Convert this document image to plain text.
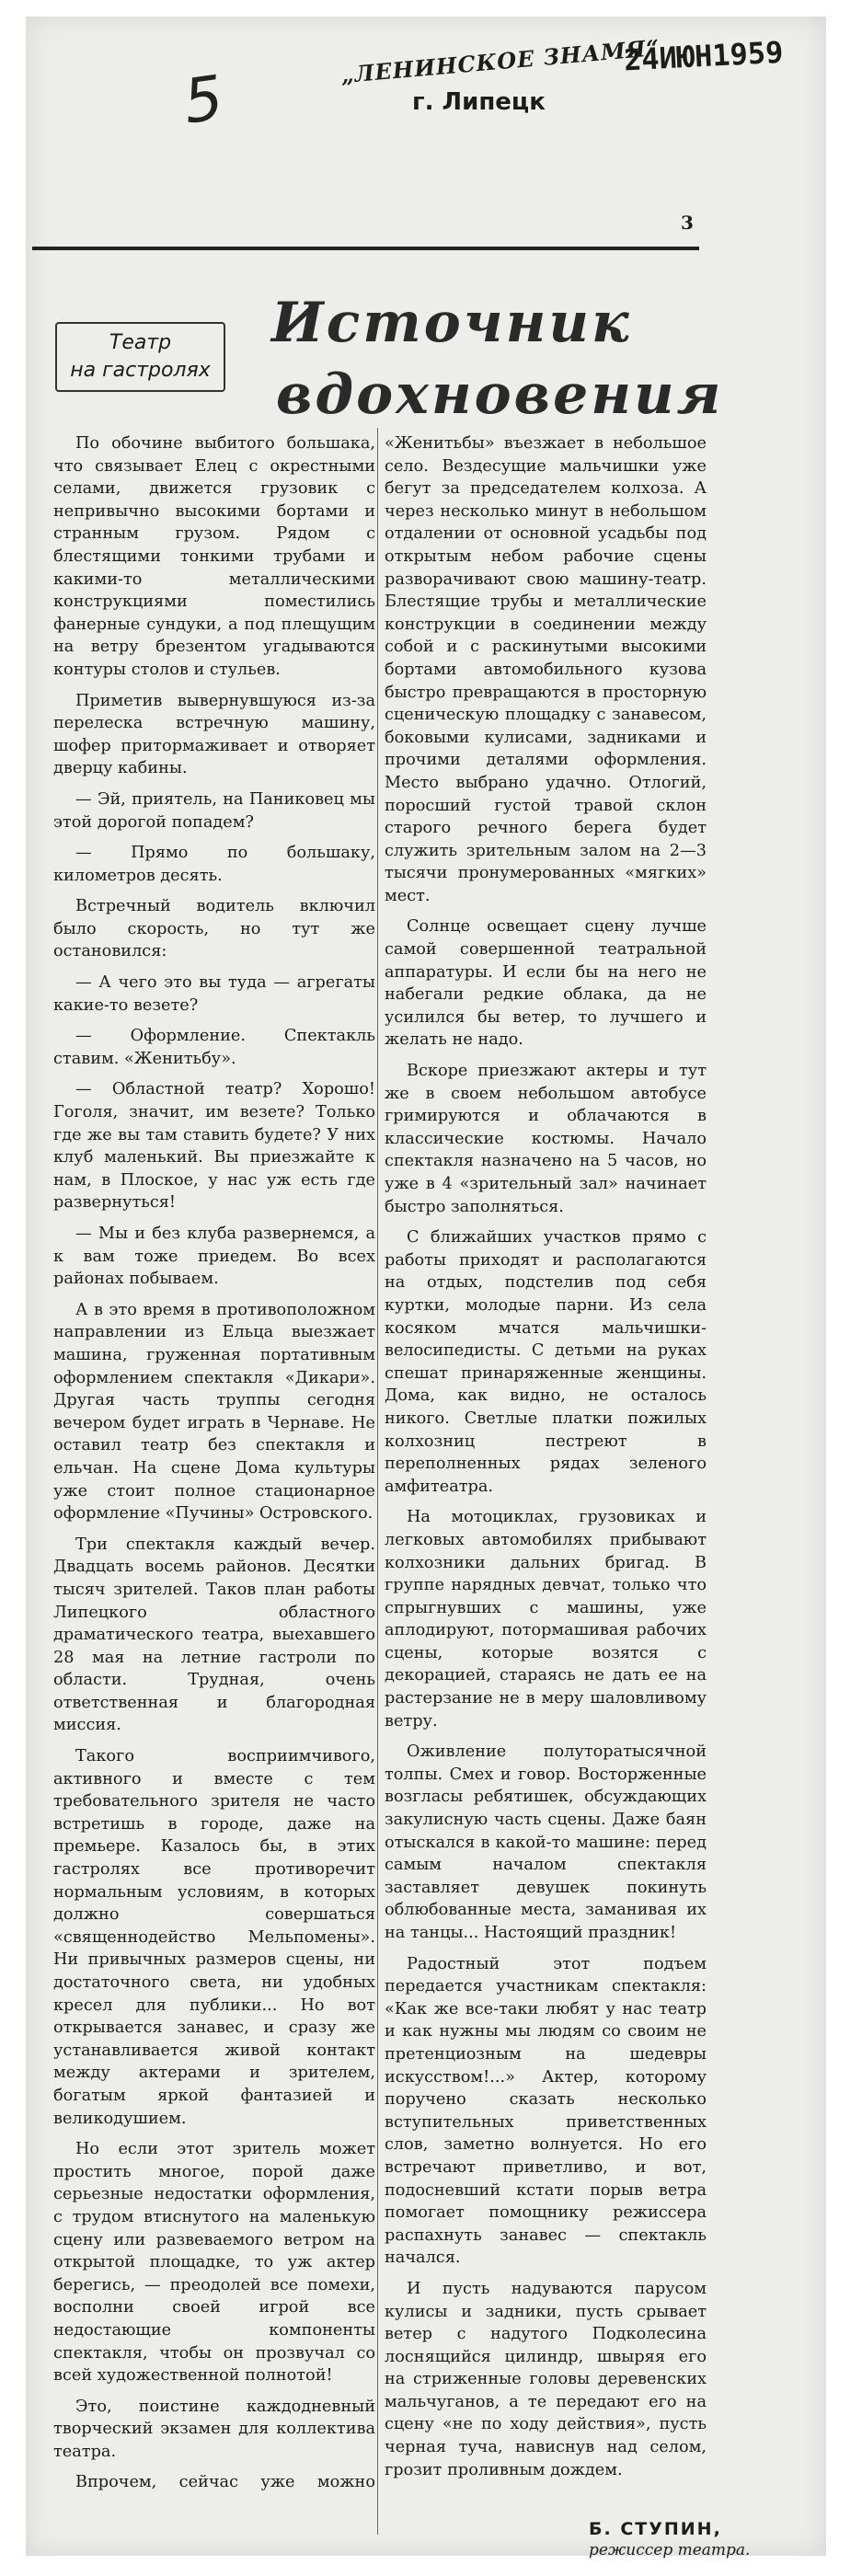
5
„ЛЕНИНСКОЕ ЗНАМЯ“
г. Липецк
24ИЮН1959
3
Театр
на гастролях
Источник
вдохновения

По обочине выбитого большака, что связывает Елец с окрестными селами, движется грузовик с непривычно высокими бортами и странным грузом. Рядом с блестящими тонкими трубами и какими-то металлическими конструкциями поместились фанерные сундуки, а под плещущим на ветру брезентом угадываются контуры столов и стульев.

Приметив вывернувшуюся из-за перелеска встречную машину, шофер притормаживает и отворяет дверцу кабины.

— Эй, приятель, на Паниковец мы этой дорогой попадем?

— Прямо по большаку, километров десять.

Встречный водитель включил было скорость, но тут же остановился:

— А чего это вы туда — агрегаты какие-то везете?

— Оформление. Спектакль ставим. «Женитьбу».

— Областной театр? Хорошо! Гоголя, значит, им везете? Только где же вы там ставить будете? У них клуб маленький. Вы приезжайте к нам, в Плоское, у нас уж есть где развернуться!

— Мы и без клуба развернемся, а к вам тоже приедем. Во всех районах побываем.

А в это время в противоположном направлении из Ельца выезжает машина, груженная портативным оформлением спектакля «Дикари». Другая часть труппы сегодня вечером будет играть в Чернаве. Не оставил театр без спектакля и ельчан. На сцене Дома культуры уже стоит полное стационарное оформление «Пучины» Островского.

Три спектакля каждый вечер. Двадцать восемь районов. Десятки тысяч зрителей. Таков план работы Липецкого областного драматического театра, выехавшего 28 мая на летние гастроли по области. Трудная, очень ответственная и благородная миссия.

Такого восприимчивого, активного и вместе с тем требовательного зрителя не часто встретишь в городе, даже на премьере. Казалось бы, в этих гастролях все противоречит нормальным условиям, в которых должно совершаться «священнодейство Мельпомены». Ни привычных размеров сцены, ни достаточного света, ни удобных кресел для публики... Но вот открывается занавес, и сразу же устанавливается живой контакт между актерами и зрителем, богатым яркой фантазией и великодушием.

Но если этот зритель может простить многое, порой даже серьезные недостатки оформления, с трудом втиснутого на маленькую сцену или развеваемого ветром на открытой площадке, то уж актер берегись, — преодолей все помехи, восполни своей игрой все недостающие компоненты спектакля, чтобы он прозвучал со всей художественной полнотой!

Это, поистине каждодневный творческий экзамен для коллектива театра.

Впрочем, сейчас уже можно

«Женитьбы» въезжает в небольшое село. Вездесущие мальчишки уже бегут за председателем колхоза. А через несколько минут в небольшом отдалении от основной усадьбы под открытым небом рабочие сцены разворачивают свою машину-театр. Блестящие трубы и металлические конструкции в соединении между собой и с раскинутыми высокими бортами автомобильного кузова быстро превращаются в просторную сценическую площадку с занавесом, боковыми кулисами, задниками и прочими деталями оформления. Место выбрано удачно. Отлогий, поросший густой травой склон старого речного берега будет служить зрительным залом на 2—3 тысячи пронумерованных «мягких» мест.

Солнце освещает сцену лучше самой совершенной театральной аппаратуры. И если бы на него не набегали редкие облака, да не усилился бы ветер, то лучшего и желать не надо.

Вскоре приезжают актеры и тут же в своем небольшом автобусе гримируются и облачаются в классические костюмы. Начало спектакля назначено на 5 часов, но уже в 4 «зрительный зал» начинает быстро заполняться.

С ближайших участков прямо с работы приходят и располагаются на отдых, подстелив под себя куртки, молодые парни. Из села косяком мчатся мальчишки-велосипедисты. С детьми на руках спешат принаряженные женщины. Дома, как видно, не осталось никого. Светлые платки пожилых колхозниц пестреют в переполненных рядах зеленого амфитеатра.

На мотоциклах, грузовиках и легковых автомобилях прибывают колхозники дальних бригад. В группе нарядных девчат, только что спрыгнувших с машины, уже аплодируют, потормашивая рабочих сцены, которые возятся с декорацией, стараясь не дать ее на растерзание не в меру шаловливому ветру.

Оживление полуторатысячной толпы. Смех и говор. Восторженные возгласы ребятишек, обсуждающих закулисную часть сцены. Даже баян отыскался в какой-то машине: перед самым началом спектакля заставляет девушек покинуть облюбованные места, заманивая их на танцы... Настоящий праздник!

Радостный этот подъем передается участникам спектакля: «Как же все-таки любят у нас театр и как нужны мы людям со своим не претенциозным на шедевры искусством!...» Актер, которому поручено сказать несколько вступительных приветственных слов, заметно волнуется. Но его встречают приветливо, и вот, подосневший кстати порыв ветра помогает помощнику режиссера распахнуть занавес — спектакль начался.

И пусть надуваются парусом кулисы и задники, пусть срывает ветер с надутого Подколесина лоснящийся цилиндр, швыряя его на стриженные головы деревенских мальчуганов, а те передают его на сцену «не по ходу действия», пусть черная туча, нависнув над селом, грозит проливным дождем.

Б. СТУПИН,
режиссер театра.
